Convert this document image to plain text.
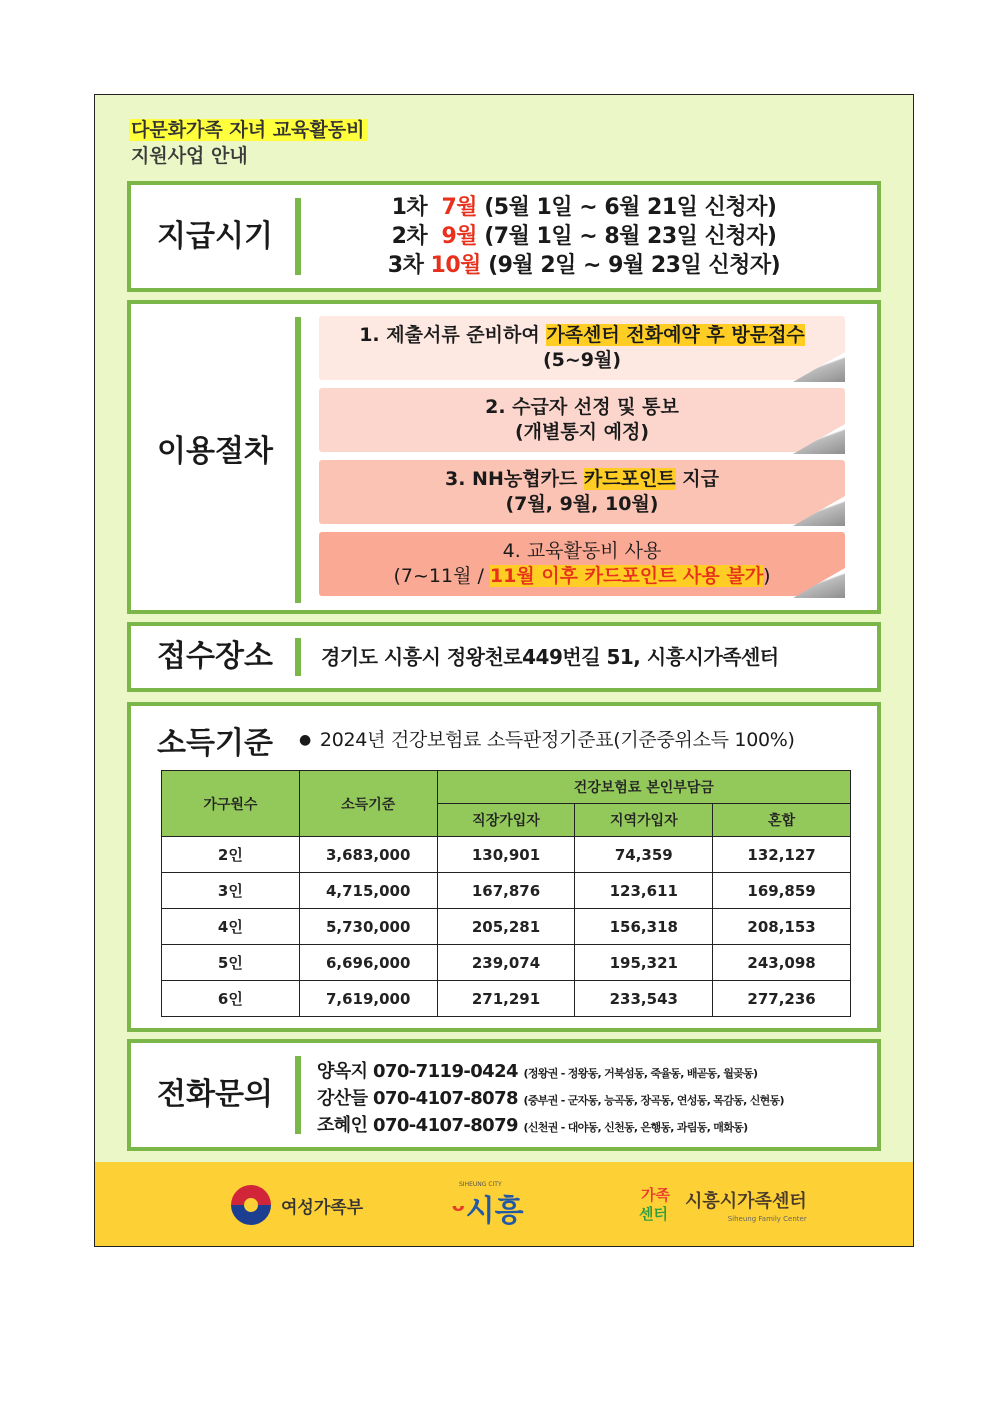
다문화가족 자녀 교육활동비
지원사업 안내
지급시기
1차 7월 (5월 1일 ~ 6월 21일 신청자)
2차 9월 (7월 1일 ~ 8월 23일 신청자)
3차 10월 (9월 2일 ~ 9월 23일 신청자)
이용절차
1. 제출서류 준비하여 가족센터 전화예약 후 방문접수
(5~9월)
2. 수급자 선정 및 통보
(개별통지 예정)
3. NH농협카드 카드포인트 지급
(7월, 9월, 10월)
4. 교육활동비 사용
(7~11월 / 11월 이후 카드포인트 사용 불가)
접수장소	경기도 시흥시 정왕천로449번길 51, 시흥시가족센터
소득기준 ● 2024년 건강보험료 소득판정기준표(기준중위소득 100%)
가구원수	소득기준	건강보험료 본인부담금		
		직장가입자	지역가입자	혼합
2인	3,683,000	130,901	74,359	132,127
3인	4,715,000	167,876	123,611	169,859
4인	5,730,000	205,281	156,318	208,153
5인	6,696,000	239,074	195,321	243,098
6인	7,619,000	271,291	233,543	277,236
전화문의
양옥지 070-7119-0424 (정왕권 - 정왕동, 거북섬동, 죽율동, 배곧동, 월곶동)
강산들 070-4107-8078 (중부권 - 군자동, 능곡동, 장곡동, 연성동, 목감동, 신현동)
조혜인 070-4107-8079 (신천권 - 대야동, 신천동, 은행동, 과림동, 매화동)
여성가족부
SIHEUNG CITY
ᵕ시흥	가족
센터
시흥시가족센터
Siheung Family Center
